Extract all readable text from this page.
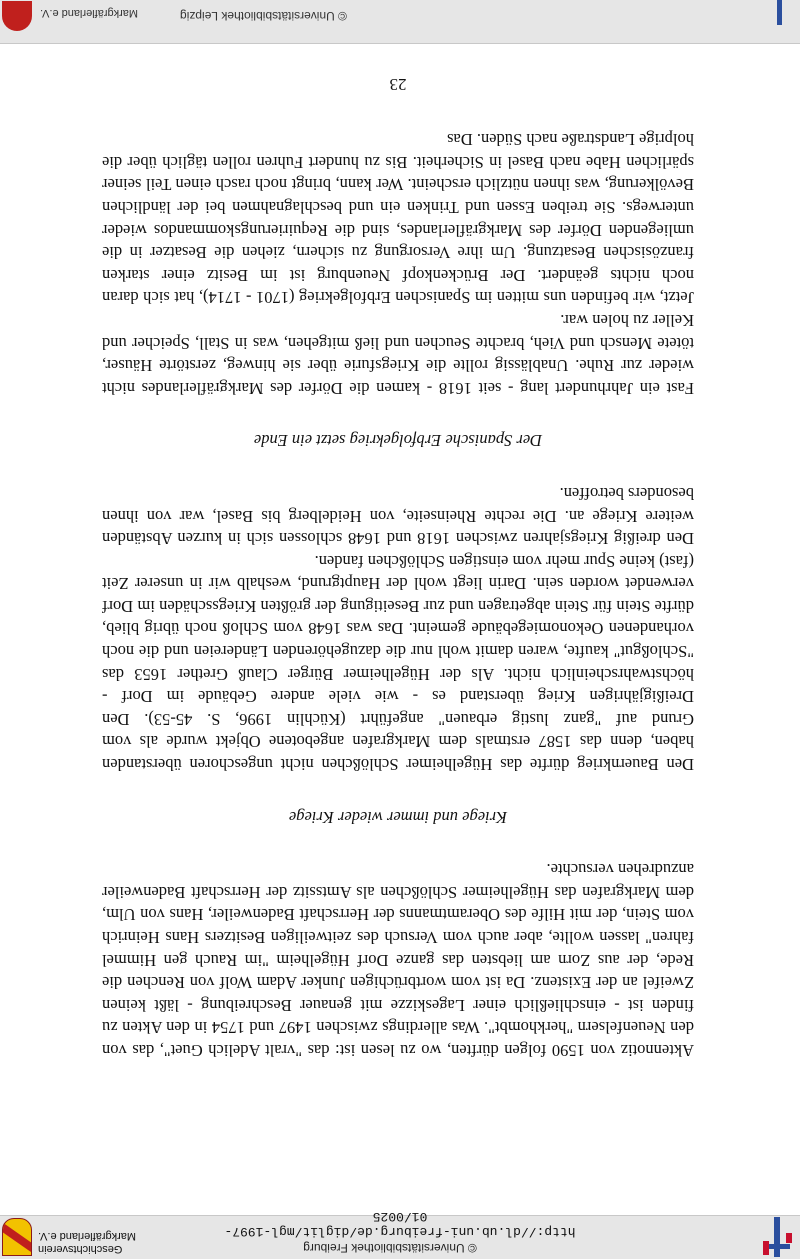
© Universitätsbibliothek Freiburg
http://dl.ub.uni-freiburg.de/diglit/mgl-1997-01/0025
Geschichtsverein Markgräflerland e.V.

Aktennotiz von 1590 folgen dürften, wo zu lesen ist: das "vralt Adelich Guet", das von den Neuenfelsern "herkhombt". Was allerdings zwischen 1497 und 1754 in den Akten zu finden ist - einschließlich einer Lageskizze mit genauer Beschreibung - läßt keinen Zweifel an der Existenz. Da ist vom wortbrüchigen Junker Adam Wolf von Renchen die Rede, der aus Zorn am liebsten das ganze Dorf Hügelheim "im Rauch gen Himmel fahren" lassen wollte, aber auch vom Versuch des zeitweiligen Besitzers Hans Heinrich vom Stein, der mit Hilfe des Oberamtmanns der Herrschaft Badenweiler, Hans von Ulm, dem Markgrafen das Hügelheimer Schlößchen als Amtssitz der Herrschaft Badenweiler anzudrehen versuchte.

Kriege und immer wieder Kriege

Den Bauernkrieg dürfte das Hügelheimer Schlößchen nicht ungeschoren überstanden haben, denn das 1587 erstmals dem Markgrafen angebotene Objekt wurde als vom Grund auf "ganz lustig erbauen" angeführt (Küchlin 1996, S. 45-53). Den Dreißigjährigen Krieg überstand es - wie viele andere Gebäude im Dorf - höchstwahrscheinlich nicht. Als der Hügelheimer Bürger Clauß Grether 1653 das "Schloßgut" kaufte, waren damit wohl nur die dazugehörenden Ländereien und die noch vorhandenen Oekonomiegebäude gemeint. Das was 1648 vom Schloß noch übrig blieb, dürfte Stein für Stein abgetragen und zur Beseitigung der größten Kriegsschäden im Dorf verwendet worden sein. Darin liegt wohl der Hauptgrund, weshalb wir in unserer Zeit (fast) keine Spur mehr vom einstigen Schlößchen fanden.

Den dreißig Kriegsjahren zwischen 1618 und 1648 schlossen sich in kurzen Abständen weitere Kriege an. Die rechte Rheinseite, von Heidelberg bis Basel, war von ihnen besonders betroffen.

Der Spanische Erbfolgekrieg setzt ein Ende

Fast ein Jahrhundert lang - seit 1618 - kamen die Dörfer des Markgräflerlandes nicht wieder zur Ruhe. Unablässig rollte die Kriegsfurie über sie hinweg, zerstörte Häuser, tötete Mensch und Vieh, brachte Seuchen und ließ mitgehen, was in Stall, Speicher und Keller zu holen war.

Jetzt, wir befinden uns mitten im Spanischen Erbfolgekrieg (1701 - 1714), hat sich daran noch nichts geändert. Der Brückenkopf Neuenburg ist im Besitz einer starken französischen Besatzung. Um ihre Versorgung zu sichern, ziehen die Besatzer in die umliegenden Dörfer des Markgräflerlandes, sind die Requirierungskommandos wieder unterwegs. Sie treiben Essen und Trinken ein und beschlagnahmen bei der ländlichen Bevölkerung, was ihnen nützlich erscheint. Wer kann, bringt noch rasch einen Teil seiner spärlichen Habe nach Basel in Sicherheit. Bis zu hundert Fuhren rollen täglich über die holprige Landstraße nach Süden. Das

23
© Universitätsbibliothek Leipzig
Markgräflerland e.V.
